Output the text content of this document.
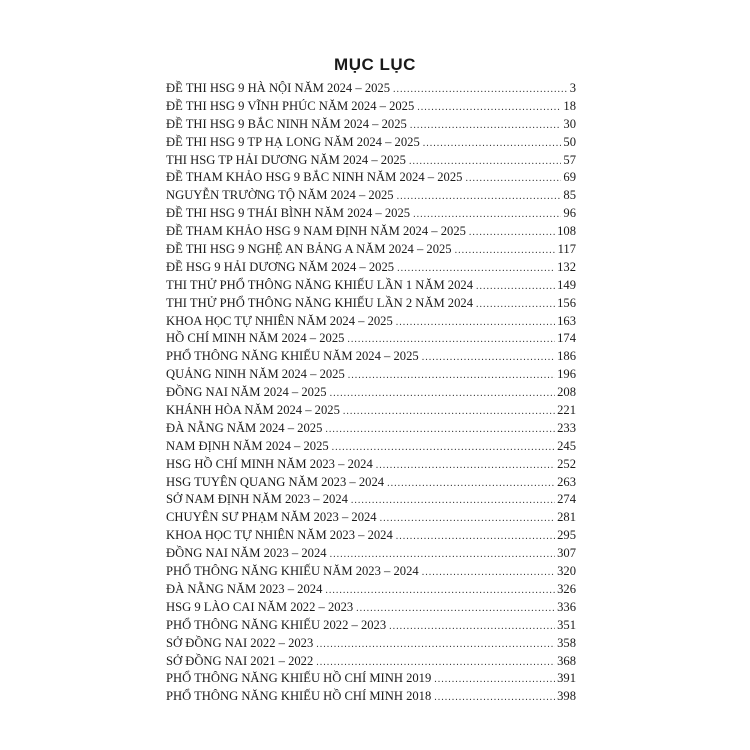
MỤC LỤC
ĐỀ THI HSG 9 HÀ NỘI NĂM 2024 – 2025 .....	3
ĐỀ THI HSG 9 VĨNH PHÚC NĂM 2024 – 2025 .....	18
ĐỀ THI HSG 9 BẮC NINH NĂM 2024 – 2025 .....	30
ĐỀ THI HSG 9 TP HẠ LONG NĂM 2024 – 2025 .....	50
THI HSG TP HẢI DƯƠNG NĂM 2024 – 2025 .....	57
ĐỀ THAM KHẢO HSG 9 BẮC NINH NĂM 2024 – 2025 .....	69
NGUYỄN TRƯỜNG TỘ NĂM 2024 – 2025 .....	85
ĐỀ THI HSG 9 THÁI BÌNH NĂM 2024 – 2025 .....	96
ĐỀ THAM KHẢO HSG 9 NAM ĐỊNH NĂM 2024 – 2025 .....	108
ĐỀ THI HSG 9 NGHỆ AN BẢNG A NĂM 2024 – 2025 .....	117
ĐỀ HSG 9 HẢI DƯƠNG NĂM 2024 – 2025 .....	132
THI THỬ PHỔ THÔNG NĂNG KHIẾU LẦN 1 NĂM 2024 .....	149
THI THỬ PHỔ THÔNG NĂNG KHIẾU LẦN 2 NĂM 2024 .....	156
KHOA HỌC TỰ NHIÊN NĂM 2024 – 2025 .....	163
HỒ CHÍ MINH NĂM 2024 – 2025 .....	174
PHỔ THÔNG NĂNG KHIẾU NĂM 2024 – 2025 .....	186
QUẢNG NINH NĂM 2024 – 2025 .....	196
ĐỒNG NAI NĂM 2024 – 2025 .....	208
KHÁNH HÒA NĂM 2024 – 2025 .....	221
ĐÀ NẴNG NĂM 2024 – 2025 .....	233
NAM ĐỊNH NĂM 2024 – 2025 .....	245
HSG HỒ CHÍ MINH NĂM 2023 – 2024 .....	252
HSG TUYÊN QUANG NĂM 2023 – 2024 .....	263
SỞ NAM ĐỊNH NĂM 2023 – 2024 .....	274
CHUYÊN SƯ PHẠM NĂM 2023 – 2024 .....	281
KHOA HỌC TỰ NHIÊN NĂM 2023 – 2024 .....	295
ĐỒNG NAI NĂM 2023 – 2024 .....	307
PHỔ THÔNG NĂNG KHIẾU NĂM 2023 – 2024 .....	320
ĐÀ NẴNG NĂM 2023 – 2024 .....	326
HSG 9 LÀO CAI NĂM 2022 – 2023 .....	336
PHỔ THÔNG NĂNG KHIẾU 2022 – 2023 .....	351
SỞ ĐỒNG NAI 2022 – 2023 .....	358
SỞ ĐỒNG NAI 2021 – 2022 .....	368
PHỔ THÔNG NĂNG KHIẾU HỒ CHÍ MINH 2019 .....	391
PHỔ THÔNG NĂNG KHIẾU HỒ CHÍ MINH 2018 .....	398
